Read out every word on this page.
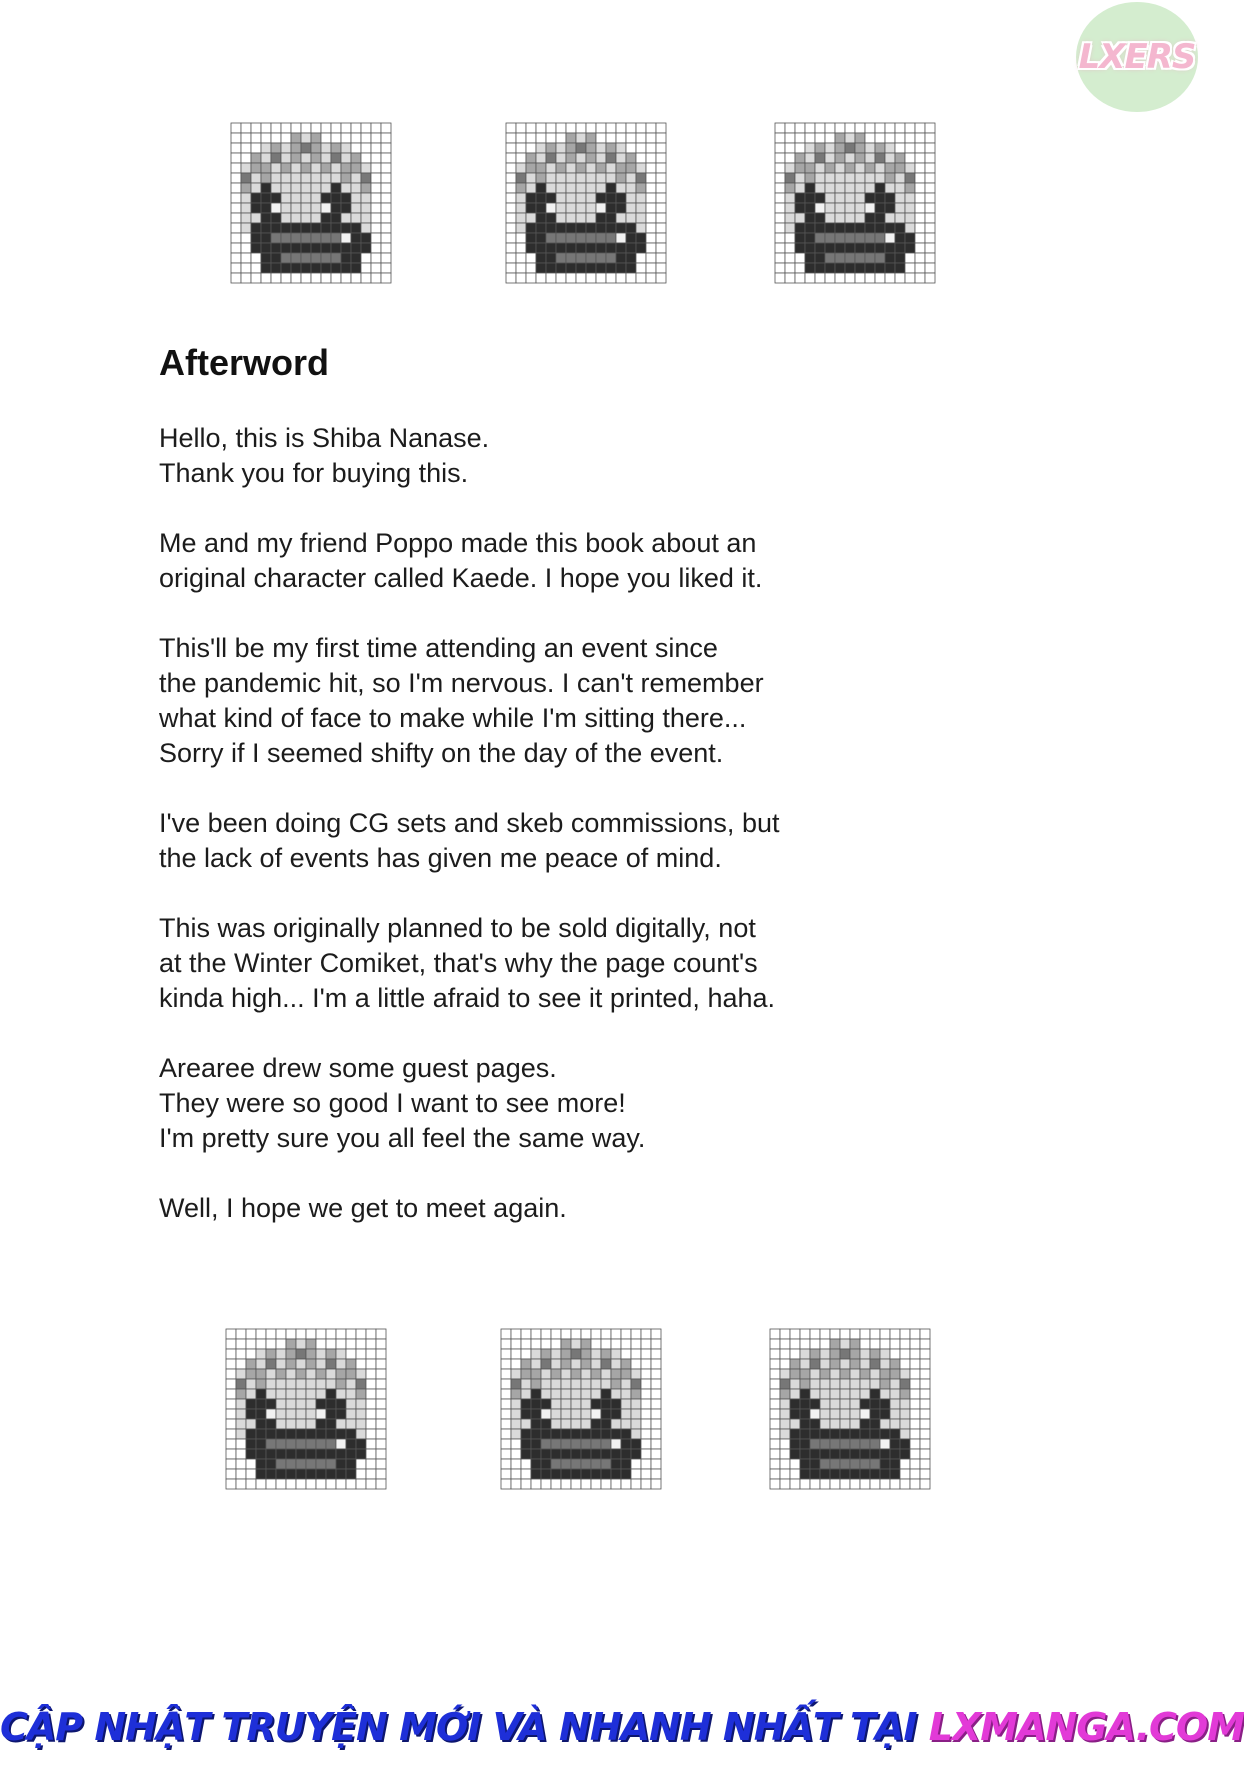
LXERS
Afterword
Hello, this is Shiba Nanase.
Thank you for buying this.
Me and my friend Poppo made this book about an
original character called Kaede. I hope you liked it.
This'll be my first time attending an event since
the pandemic hit, so I'm nervous. I can't remember
what kind of face to make while I'm sitting there...
Sorry if I seemed shifty on the day of the event.
I've been doing CG sets and skeb commissions, but
the lack of events has given me peace of mind.
This was originally planned to be sold digitally, not
at the Winter Comiket, that's why the page count's
kinda high... I'm a little afraid to see it printed, haha.
Arearee drew some guest pages.
They were so good I want to see more!
I'm pretty sure you all feel the same way.
Well, I hope we get to meet again.
CẬP NHẬT TRUYỆN MỚI VÀ NHANH NHẤT TẠI LXMANGA.COM
